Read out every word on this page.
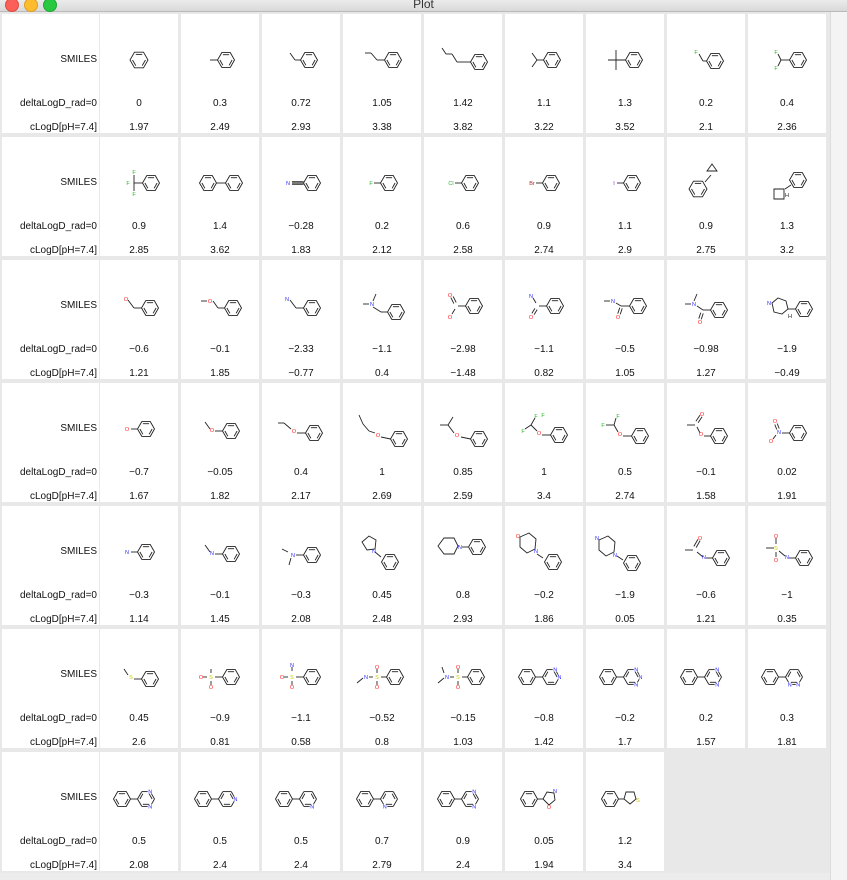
Plot
SMILES
deltaLogD_rad=0
cLogD[pH=7.4]
0
1.97
0.3
2.49
0.72
2.93
1.05
3.38
1.42
3.82
1.1
3.22
1.3
3.52
F
0.2
2.1
F
F
0.4
2.36
SMILES
deltaLogD_rad=0
cLogD[pH=7.4]
F
F
F
0.9
2.85
1.4
3.62
N
−0.28
1.83
F
0.2
2.12
Cl
0.6
2.58
Br
0.9
2.74
I
1.1
2.9
0.9
2.75
H
1.3
3.2
SMILES
deltaLogD_rad=0
cLogD[pH=7.4]
O
−0.6
1.21
O
−0.1
1.85
N
−2.33
−0.77
N
−1.1
0.4
O
O
−2.98
−1.48
N
O
−1.1
0.82
N
O
−0.5
1.05
N
O
−0.98
1.27
N
H
−1.9
−0.49
SMILES
deltaLogD_rad=0
cLogD[pH=7.4]
O
−0.7
1.67
O
−0.05
1.82
O
0.4
2.17
O
1
2.69
O
0.85
2.59
F F
F O
1
3.4
F
F
O
0.5
2.74
O
O
−0.1
1.58
N
O
O
0.02
1.91
SMILES
deltaLogD_rad=0
cLogD[pH=7.4]
N
−0.3
1.14
N
−0.1
1.45
N
−0.3
2.08
N
0.45
2.48
N
0.8
2.93
O
N
−0.2
1.86
N
N
−1.9
0.05
O
N
−0.6
1.21
S
O
O N
−1
0.35
SMILES
deltaLogD_rad=0
cLogD[pH=7.4]
S
0.45
2.6
S
O
O
−0.9
0.81
S
N
O
O
−1.1
0.58
N S
O
O
−0.52
0.8
N S
O
O
−0.15
1.03
N
N
−0.8
1.42
N
N
N
−0.2
1.7
N
N
0.2
1.57
N
N
0.3
1.81
SMILES
deltaLogD_rad=0
cLogD[pH=7.4]
N
N
0.5
2.08
N
0.5
2.4
N
0.5
2.4
N
0.7
2.79
N
N
0.9
2.4
N
O
0.05
1.94
S
1.2
3.4
